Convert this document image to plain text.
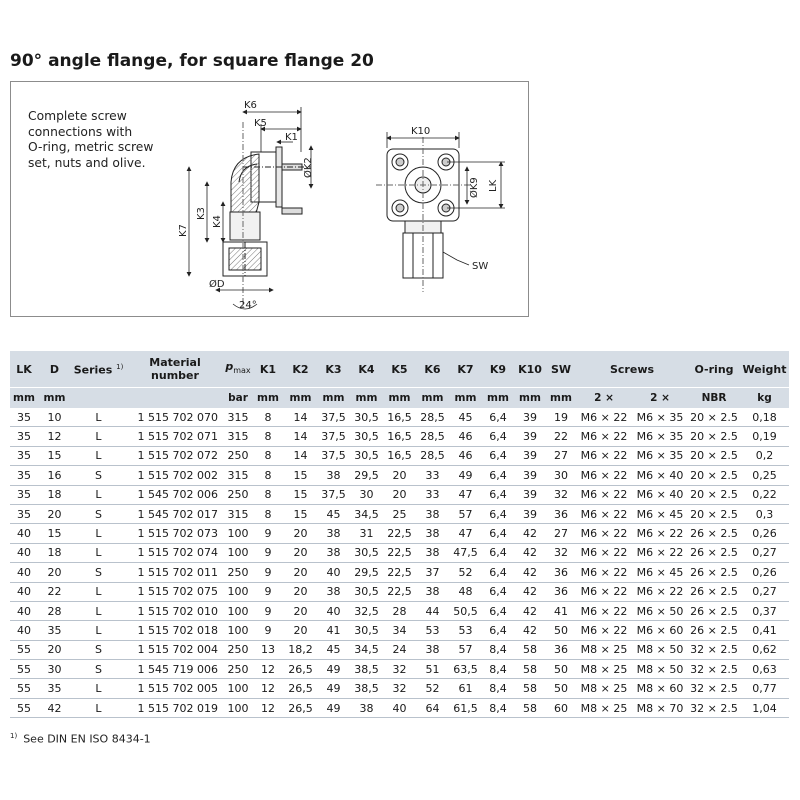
90° angle flange, for square flange 20
Complete screw
connections with
O-ring, metric screw
set, nuts and olive.
K6
K5
K1
ØK2
K3
K4
K7
ØD
24°
K10
ØK9 LK
SW
LK	D	Series $^{1)}$	Material
number	$p_{max}$	K1	K2	K3	K4	K5	K6	K7	K9	K10	SW	Screws		O-ring	Weight
mm	mm			bar	mm	mm	mm	mm	mm	mm	mm	mm	mm	mm	2 ×	2 ×	NBR	kg
35	10	L	1 515 702 070	315	8	14	37,5	30,5	16,5	28,5	45	6,4	39	19	M6 × 22	M6 × 35	20 × 2.5	0,18
35	12	L	1 515 702 071	315	8	14	37,5	30,5	16,5	28,5	46	6,4	39	22	M6 × 22	M6 × 35	20 × 2.5	0,19
35	15	L	1 515 702 072	250	8	14	37,5	30,5	16,5	28,5	46	6,4	39	27	M6 × 22	M6 × 35	20 × 2.5	0,2
35	16	S	1 515 702 002	315	8	15	38	29,5	20	33	49	6,4	39	30	M6 × 22	M6 × 40	20 × 2.5	0,25
35	18	L	1 545 702 006	250	8	15	37,5	30	20	33	47	6,4	39	32	M6 × 22	M6 × 40	20 × 2.5	0,22
35	20	S	1 545 702 017	315	8	15	45	34,5	25	38	57	6,4	39	36	M6 × 22	M6 × 45	20 × 2.5	0,3
40	15	L	1 515 702 073	100	9	20	38	31	22,5	38	47	6,4	42	27	M6 × 22	M6 × 22	26 × 2.5	0,26
40	18	L	1 515 702 074	100	9	20	38	30,5	22,5	38	47,5	6,4	42	32	M6 × 22	M6 × 22	26 × 2.5	0,27
40	20	S	1 515 702 011	250	9	20	40	29,5	22,5	37	52	6,4	42	36	M6 × 22	M6 × 45	26 × 2.5	0,26
40	22	L	1 515 702 075	100	9	20	38	30,5	22,5	38	48	6,4	42	36	M6 × 22	M6 × 22	26 × 2.5	0,27
40	28	L	1 515 702 010	100	9	20	40	32,5	28	44	50,5	6,4	42	41	M6 × 22	M6 × 50	26 × 2.5	0,37
40	35	L	1 515 702 018	100	9	20	41	30,5	34	53	53	6,4	42	50	M6 × 22	M6 × 60	26 × 2.5	0,41
55	20	S	1 515 702 004	250	13	18,2	45	34,5	24	38	57	8,4	58	36	M8 × 25	M8 × 50	32 × 2.5	0,62
55	30	S	1 545 719 006	250	12	26,5	49	38,5	32	51	63,5	8,4	58	50	M8 × 25	M8 × 50	32 × 2.5	0,63
55	35	L	1 515 702 005	100	12	26,5	49	38,5	32	52	61	8,4	58	50	M8 × 25	M8 × 60	32 × 2.5	0,77
55	42	L	1 515 702 019	100	12	26,5	49	38	40	64	61,5	8,4	58	60	M8 × 25	M8 × 70	32 × 2.5	1,04
$^{1)}$ See DIN EN ISO 8434-1
